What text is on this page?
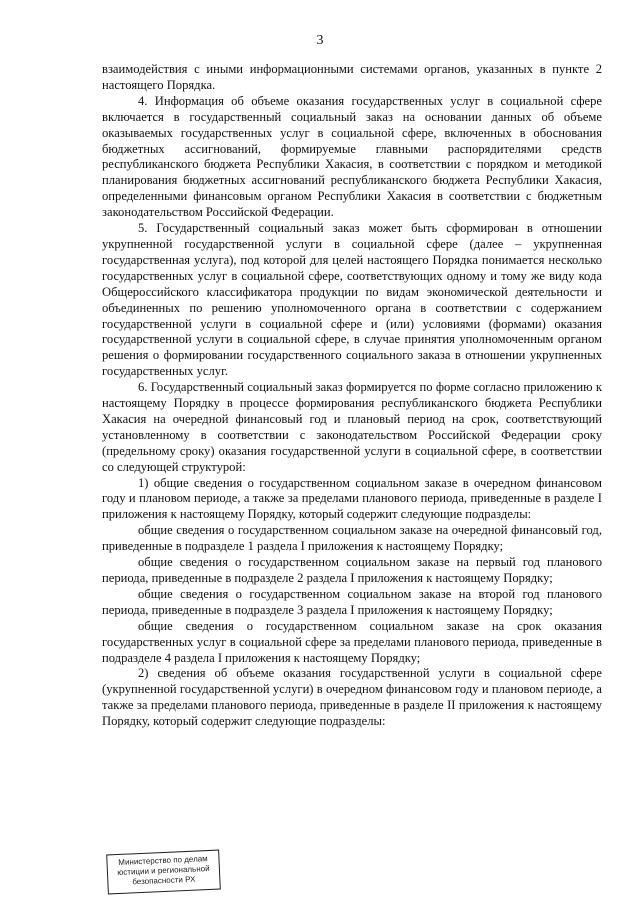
3

взаимодействия с иными информационными системами органов, указанных в пункте 2 настоящего Порядка.

4. Информация об объеме оказания государственных услуг в социальной сфере включается в государственный социальный заказ на основании данных об объеме оказываемых государственных услуг в социальной сфере, включенных в обоснования бюджетных ассигнований, формируемые главными распорядителями средств республиканского бюджета Республики Хакасия, в соответствии с порядком и методикой планирования бюджетных ассигнований республиканского бюджета Республики Хакасия, определенными финансовым органом Республики Хакасия в соответствии с бюджетным законодательством Российской Федерации.

5. Государственный социальный заказ может быть сформирован в отношении укрупненной государственной услуги в социальной сфере (далее – укрупненная государственная услуга), под которой для целей настоящего Порядка понимается несколько государственных услуг в социальной сфере, соответствующих одному и тому же виду кода Общероссийского классификатора продукции по видам экономической деятельности и объединенных по решению уполномоченного органа в соответствии с содержанием государственной услуги в социальной сфере и (или) условиями (формами) оказания государственной услуги в социальной сфере, в случае принятия уполномоченным органом решения о формировании государственного социального заказа в отношении укрупненных государственных услуг.

6. Государственный социальный заказ формируется по форме согласно приложению к настоящему Порядку в процессе формирования республиканского бюджета Республики Хакасия на очередной финансовый год и плановый период на срок, соответствующий установленному в соответствии с законодательством Российской Федерации сроку (предельному сроку) оказания государственной услуги в социальной сфере, в соответствии со следующей структурой:

1) общие сведения о государственном социальном заказе в очередном финансовом году и плановом периоде, а также за пределами планового периода, приведенные в разделе I приложения к настоящему Порядку, который содержит следующие подразделы:

общие сведения о государственном социальном заказе на очередной финансовый год, приведенные в подразделе 1 раздела I приложения к настоящему Порядку;

общие сведения о государственном социальном заказе на первый год планового периода, приведенные в подразделе 2 раздела I приложения к настоящему Порядку;

общие сведения о государственном социальном заказе на второй год планового периода, приведенные в подразделе 3 раздела I приложения к настоящему Порядку;

общие сведения о государственном социальном заказе на срок оказания государственных услуг в социальной сфере за пределами планового периода, приведенные в подразделе 4 раздела I приложения к настоящему Порядку;

2) сведения об объеме оказания государственной услуги в социальной сфере (укрупненной государственной услуги) в очередном финансовом году и плановом периоде, а также за пределами планового периода, приведенные в разделе II приложения к настоящему Порядку, который содержит следующие подразделы:

Министерство по делам
юстиции и региональной
безопасности РХ
